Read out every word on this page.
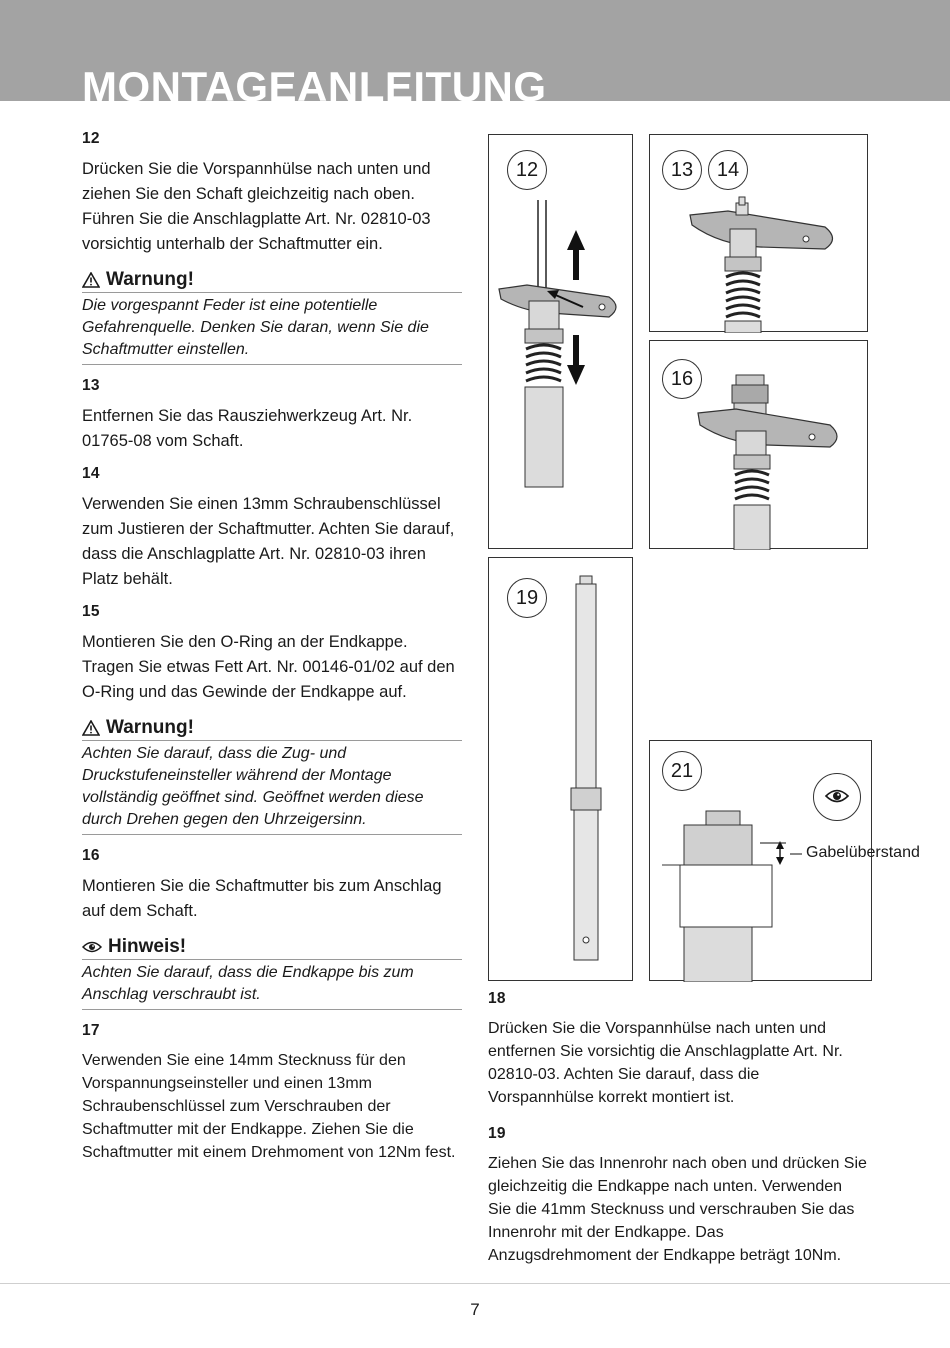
MONTAGEANLEITUNG

12

Drücken Sie die Vorspannhülse nach unten und ziehen Sie den Schaft gleichzeitig nach oben. Führen Sie die Anschlagplatte Art. Nr. 02810-03 vorsichtig unterhalb der Schaftmutter ein.

Warnung!
Die vorgespannt Feder ist eine potentielle Gefahrenquelle. Denken Sie daran, wenn Sie die Schaftmutter einstellen.

13

Entfernen Sie das Rausziehwerkzeug Art. Nr. 01765-08 vom Schaft.

14

Verwenden Sie einen 13mm Schraubenschlüssel zum Justieren der Schaftmutter. Achten Sie darauf, dass die Anschlagplatte Art. Nr. 02810-03 ihren Platz behält.

15

Montieren Sie den O-Ring an der Endkappe. Tragen Sie etwas Fett Art. Nr. 00146-01/02 auf den O-Ring und das Gewinde der Endkappe auf.

Warnung!
Achten Sie darauf, dass die Zug- und Druckstufeneinsteller während der Montage vollständig geöffnet sind. Geöffnet werden diese durch Drehen gegen den Uhrzeigersinn.

16

Montieren Sie die Schaftmutter bis zum Anschlag auf dem Schaft.

Hinweis!
Achten Sie darauf, dass die Endkappe bis zum Anschlag verschraubt ist.

17

Verwenden Sie eine 14mm Stecknuss für den Vorspannungseinsteller und einen 13mm Schraubenschlüssel zum Verschrauben der Schaftmutter mit der Endkappe. Ziehen Sie die Schaftmutter mit einem Drehmoment von 12Nm fest.

12	13	14
16
19
21
Gabelüberstand

18

Drücken Sie die Vorspannhülse nach unten und entfernen Sie vorsichtig die Anschlagplatte Art. Nr. 02810-03. Achten Sie darauf, dass die Vorspannhülse korrekt montiert ist.

19

Ziehen Sie das Innenrohr nach oben und drücken Sie gleichzeitig die Endkappe nach unten. Verwenden Sie die 41mm Stecknuss und verschrauben Sie das Innenrohr mit der Endkappe. Das Anzugsdrehmoment der Endkappe beträgt 10Nm.

7
